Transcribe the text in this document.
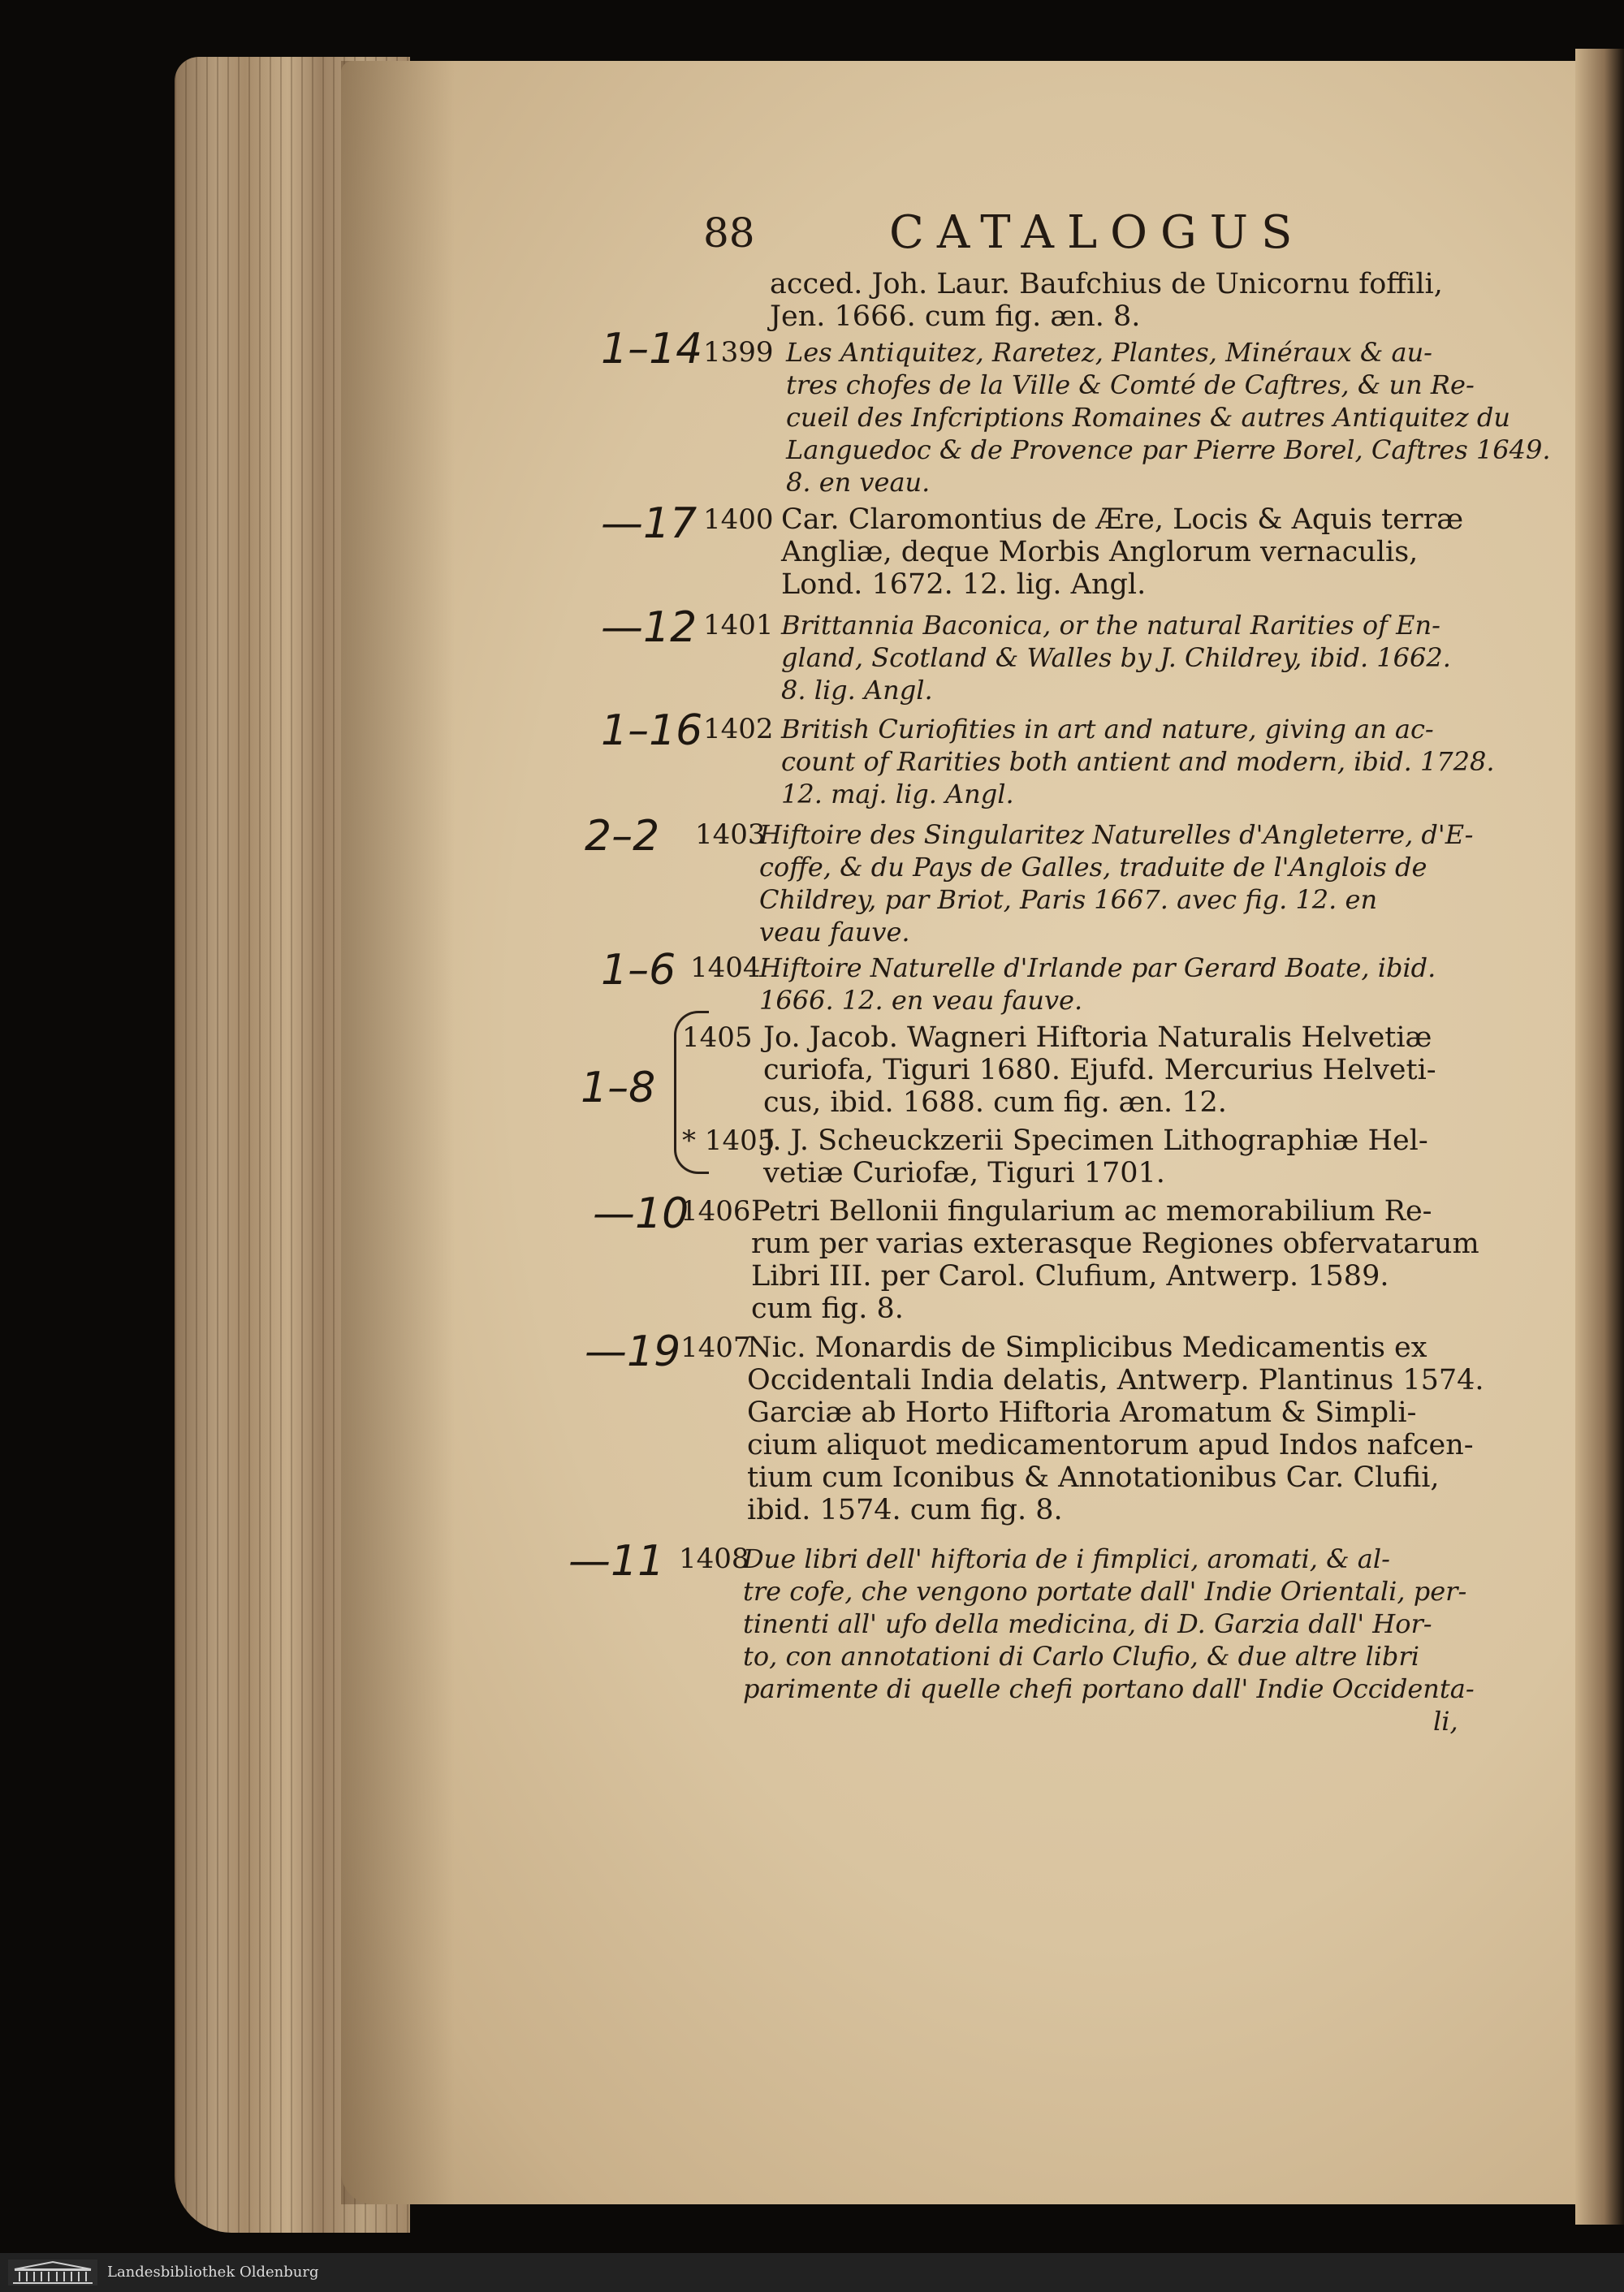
88	CATALOGUS
acced. Joh. Laur. Baufchius de Unicornu foffili,
Jen. 1666. cum fig. æn. 8.
1–14 1399 Les Antiquitez, Raretez, Plantes, Minéraux & au-
tres chofes de la Ville & Comté de Caftres, & un Re-
cueil des Infcriptions Romaines & autres Antiquitez du
Languedoc & de Provence par Pierre Borel, Caftres 1649.
8. en veau.
—17 1400 Car. Claromontius de Ære, Locis & Aquis terræ
Angliæ, deque Morbis Anglorum vernaculis,
Lond. 1672. 12. lig. Angl.
—12 1401 Brittannia Baconica, or the natural Rarities of En-
gland, Scotland & Walles by J. Childrey, ibid. 1662.
8. lig. Angl.
1–16 1402 British Curiofities in art and nature, giving an ac-
count of Rarities both antient and modern, ibid. 1728.
12. maj. lig. Angl.
2–2 1403
Hiftoire des Singularitez Naturelles d'Angleterre, d'E-
coffe, & du Pays de Galles, traduite de l'Anglois de
Childrey, par Briot, Paris 1667. avec fig. 12. en
veau fauve.
1–6 1404
Hiftoire Naturelle d'Irlande par Gerard Boate, ibid.
1666. 12. en veau fauve.
1–8
1405 Jo. Jacob. Wagneri Hiftoria Naturalis Helvetiæ
curiofa, Tiguri 1680. Ejufd. Mercurius Helveti-
cus, ibid. 1688. cum fig. æn. 12.
* 1405
J. J. Scheuckzerii Specimen Lithographiæ Hel-
vetiæ Curiofæ, Tiguri 1701.
—10
1406 Petri Bellonii fingularium ac memorabilium Re-
rum per varias exterasque Regiones obfervatarum
Libri III. per Carol. Clufium, Antwerp. 1589.
cum fig. 8.
—19 1407
Nic. Monardis de Simplicibus Medicamentis ex
Occidentali India delatis, Antwerp. Plantinus 1574.
Garciæ ab Horto Hiftoria Aromatum & Simpli-
cium aliquot medicamentorum apud Indos nafcen-
tium cum Iconibus & Annotationibus Car. Clufii,
ibid. 1574. cum fig. 8.
—11 1408
Due libri dell' hiftoria de i fimplici, aromati, & al-
tre cofe, che vengono portate dall' Indie Orientali, per-
tinenti all' ufo della medicina, di D. Garzia dall' Hor-
to, con annotationi di Carlo Clufio, & due altre libri
parimente di quelle chefi portano dall' Indie Occidenta-
li,
Landesbibliothek Oldenburg
